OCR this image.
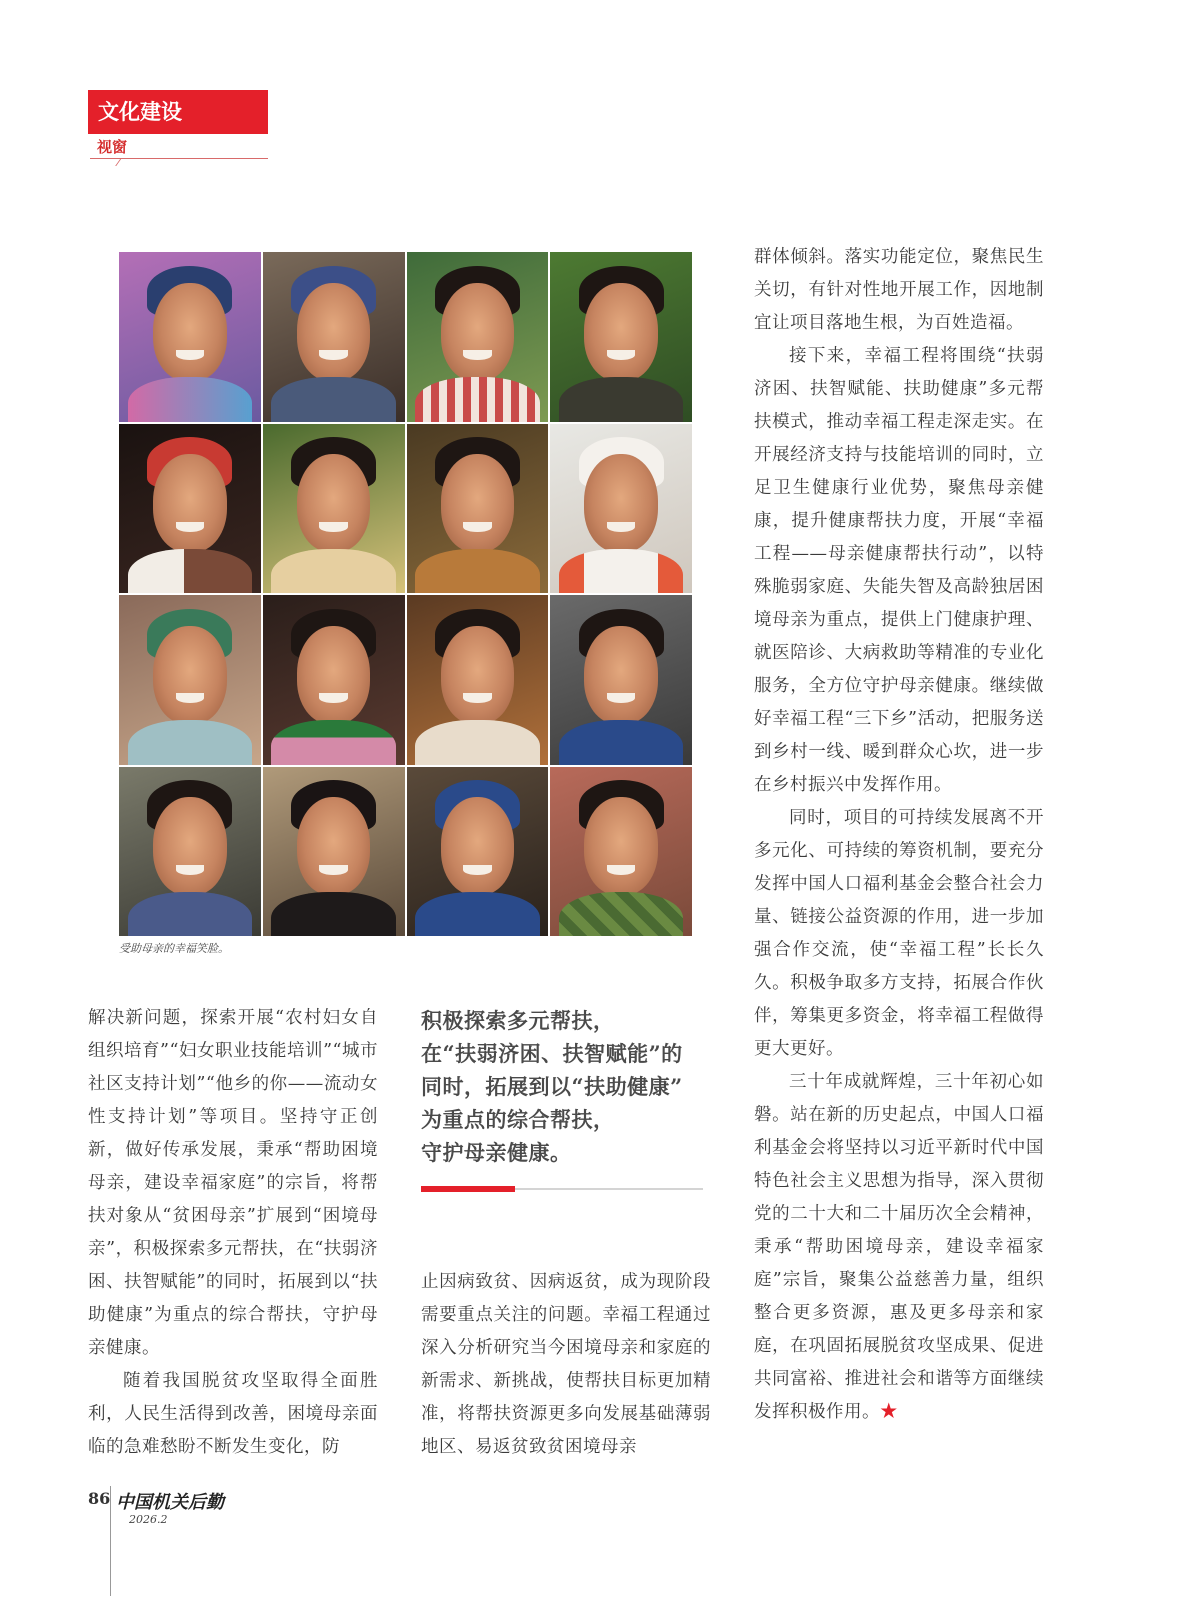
文化建设
视窗
受助母亲的幸福笑脸。

解决新问题，探索开展“农村妇女自组织培育”“妇女职业技能培训”“城市社区支持计划”“他乡的你——流动女性支持计划”等项目。坚持守正创新，做好传承发展，秉承“帮助困境母亲，建设幸福家庭”的宗旨，将帮扶对象从“贫困母亲”扩展到“困境母亲”，积极探索多元帮扶，在“扶弱济困、扶智赋能”的同时，拓展到以“扶助健康”为重点的综合帮扶，守护母亲健康。

随着我国脱贫攻坚取得全面胜利，人民生活得到改善，困境母亲面临的急难愁盼不断发生变化，防

积极探索多元帮扶，

在“扶弱济困、扶智赋能”的

同时，拓展到以“扶助健康”

为重点的综合帮扶，

守护母亲健康。

止因病致贫、因病返贫，成为现阶段需要重点关注的问题。幸福工程通过深入分析研究当今困境母亲和家庭的新需求、新挑战，使帮扶目标更加精准，将帮扶资源更多向发展基础薄弱地区、易返贫致贫困境母亲

群体倾斜。落实功能定位，聚焦民生关切，有针对性地开展工作，因地制宜让项目落地生根，为百姓造福。

接下来，幸福工程将围绕“扶弱济困、扶智赋能、扶助健康”多元帮扶模式，推动幸福工程走深走实。在开展经济支持与技能培训的同时，立足卫生健康行业优势，聚焦母亲健康，提升健康帮扶力度，开展“幸福工程——母亲健康帮扶行动”，以特殊脆弱家庭、失能失智及高龄独居困境母亲为重点，提供上门健康护理、就医陪诊、大病救助等精准的专业化服务，全方位守护母亲健康。继续做好幸福工程“三下乡”活动，把服务送到乡村一线、暖到群众心坎，进一步在乡村振兴中发挥作用。

同时，项目的可持续发展离不开多元化、可持续的筹资机制，要充分发挥中国人口福利基金会整合社会力量、链接公益资源的作用，进一步加强合作交流，使“幸福工程”长长久久。积极争取多方支持，拓展合作伙伴，筹集更多资金，将幸福工程做得更大更好。

三十年成就辉煌，三十年初心如磐。站在新的历史起点，中国人口福利基金会将坚持以习近平新时代中国特色社会主义思想为指导，深入贯彻党的二十大和二十届历次全会精神，秉承“帮助困境母亲，建设幸福家庭”宗旨，聚集公益慈善力量，组织整合更多资源，惠及更多母亲和家庭，在巩固拓展脱贫攻坚成果、促进共同富裕、推进社会和谐等方面继续发挥积极作用。★

86 中国机关后勤
2026.2
